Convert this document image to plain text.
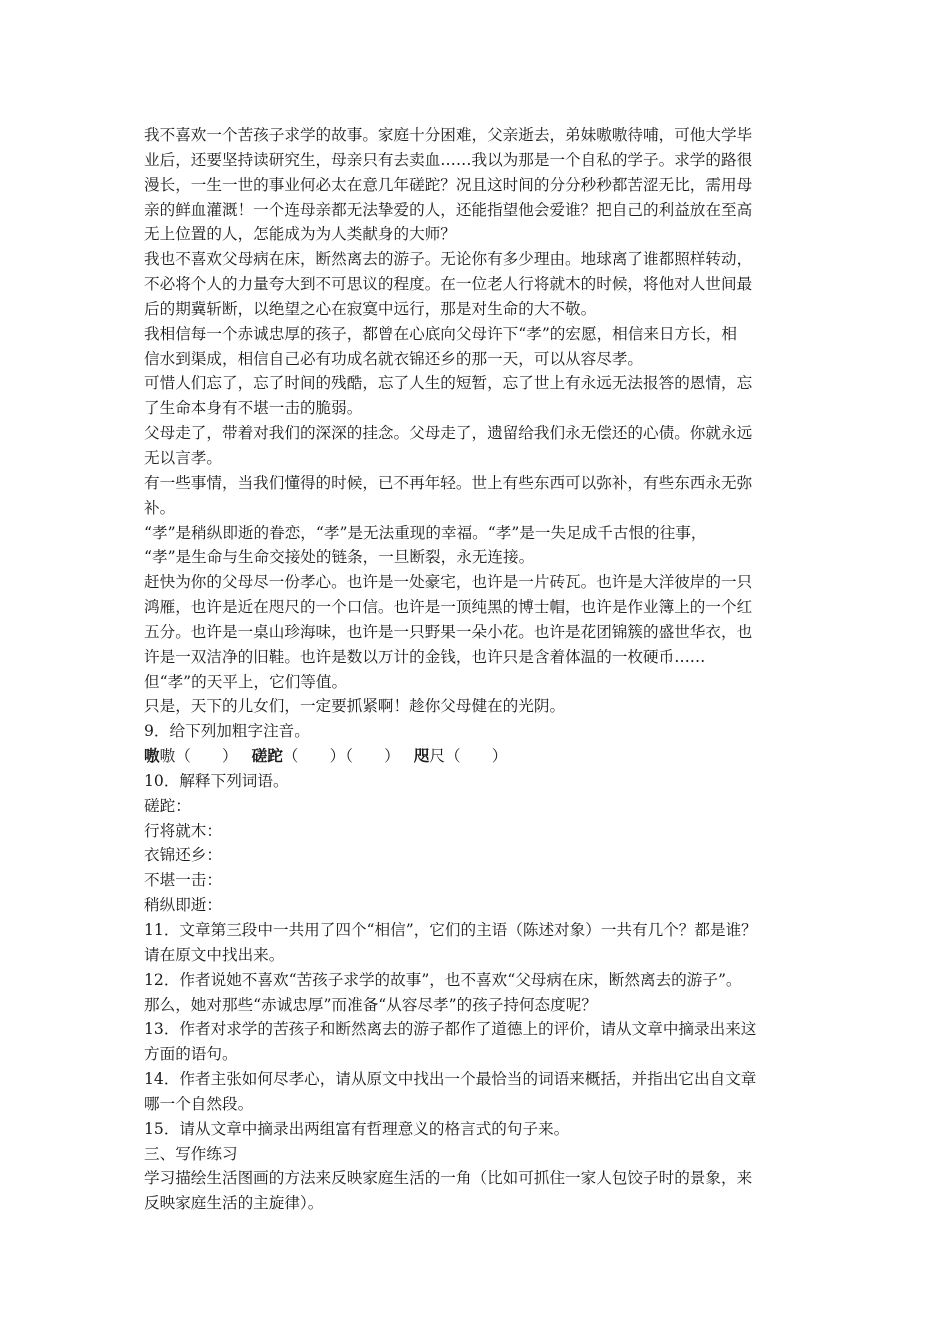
我不喜欢一个苦孩子求学的故事。家庭十分困难，父亲逝去，弟妹嗷嗷待哺，可他大学毕
业后，还要坚持读研究生，母亲只有去卖血……我以为那是一个自私的学子。求学的路很
漫长，一生一世的事业何必太在意几年磋跎？况且这时间的分分秒秒都苦涩无比，需用母
亲的鲜血灌溉！一个连母亲都无法挚爱的人，还能指望他会爱谁？把自己的利益放在至高
无上位置的人，怎能成为为人类献身的大师？

我也不喜欢父母病在床，断然离去的游子。无论你有多少理由。地球离了谁都照样转动，
不必将个人的力量夸大到不可思议的程度。在一位老人行将就木的时候，将他对人世间最
后的期冀斩断，以绝望之心在寂寞中远行，那是对生命的大不敬。

我相信每一个赤诚忠厚的孩子，都曾在心底向父母许下“孝”的宏愿，相信来日方长，相
信水到渠成，相信自己必有功成名就衣锦还乡的那一天，可以从容尽孝。

可惜人们忘了，忘了时间的残酷，忘了人生的短暂，忘了世上有永远无法报答的恩情，忘
了生命本身有不堪一击的脆弱。

父母走了，带着对我们的深深的挂念。父母走了，遗留给我们永无偿还的心债。你就永远
无以言孝。

有一些事情，当我们懂得的时候，已不再年轻。世上有些东西可以弥补，有些东西永无弥
补。

“孝”是稍纵即逝的眷恋，“孝”是无法重现的幸福。“孝”是一失足成千古恨的往事，
“孝”是生命与生命交接处的链条，一旦断裂，永无连接。

赶快为你的父母尽一份孝心。也许是一处豪宅，也许是一片砖瓦。也许是大洋彼岸的一只
鸿雁，也许是近在咫尺的一个口信。也许是一顶纯黑的博士帽，也许是作业簿上的一个红
五分。也许是一桌山珍海味，也许是一只野果一朵小花。也许是花团锦簇的盛世华衣，也
许是一双洁净的旧鞋。也许是数以万计的金钱，也许只是含着体温的一枚硬币……

但“孝”的天平上，它们等值。

只是，天下的儿女们，一定要抓紧啊！趁你父母健在的光阴。

9．给下列加粗字注音。

嗷嗷（　　） 磋跎（　　）（　　） 咫尺（　　）

10．解释下列词语。

磋跎：

行将就木：

衣锦还乡：

不堪一击：

稍纵即逝：

11．文章第三段中一共用了四个“相信”，它们的主语（陈述对象）一共有几个？都是谁？
请在原文中找出来。

12．作者说她不喜欢“苦孩子求学的故事”，也不喜欢“父母病在床，断然离去的游子”。
那么，她对那些“赤诚忠厚”而准备“从容尽孝”的孩子持何态度呢？

13．作者对求学的苦孩子和断然离去的游子都作了道德上的评价，请从文章中摘录出来这
方面的语句。

14．作者主张如何尽孝心，请从原文中找出一个最恰当的词语来概括，并指出它出自文章
哪一个自然段。

15．请从文章中摘录出两组富有哲理意义的格言式的句子来。

三、写作练习

学习描绘生活图画的方法来反映家庭生活的一角（比如可抓住一家人包饺子时的景象，来
反映家庭生活的主旋律）。
